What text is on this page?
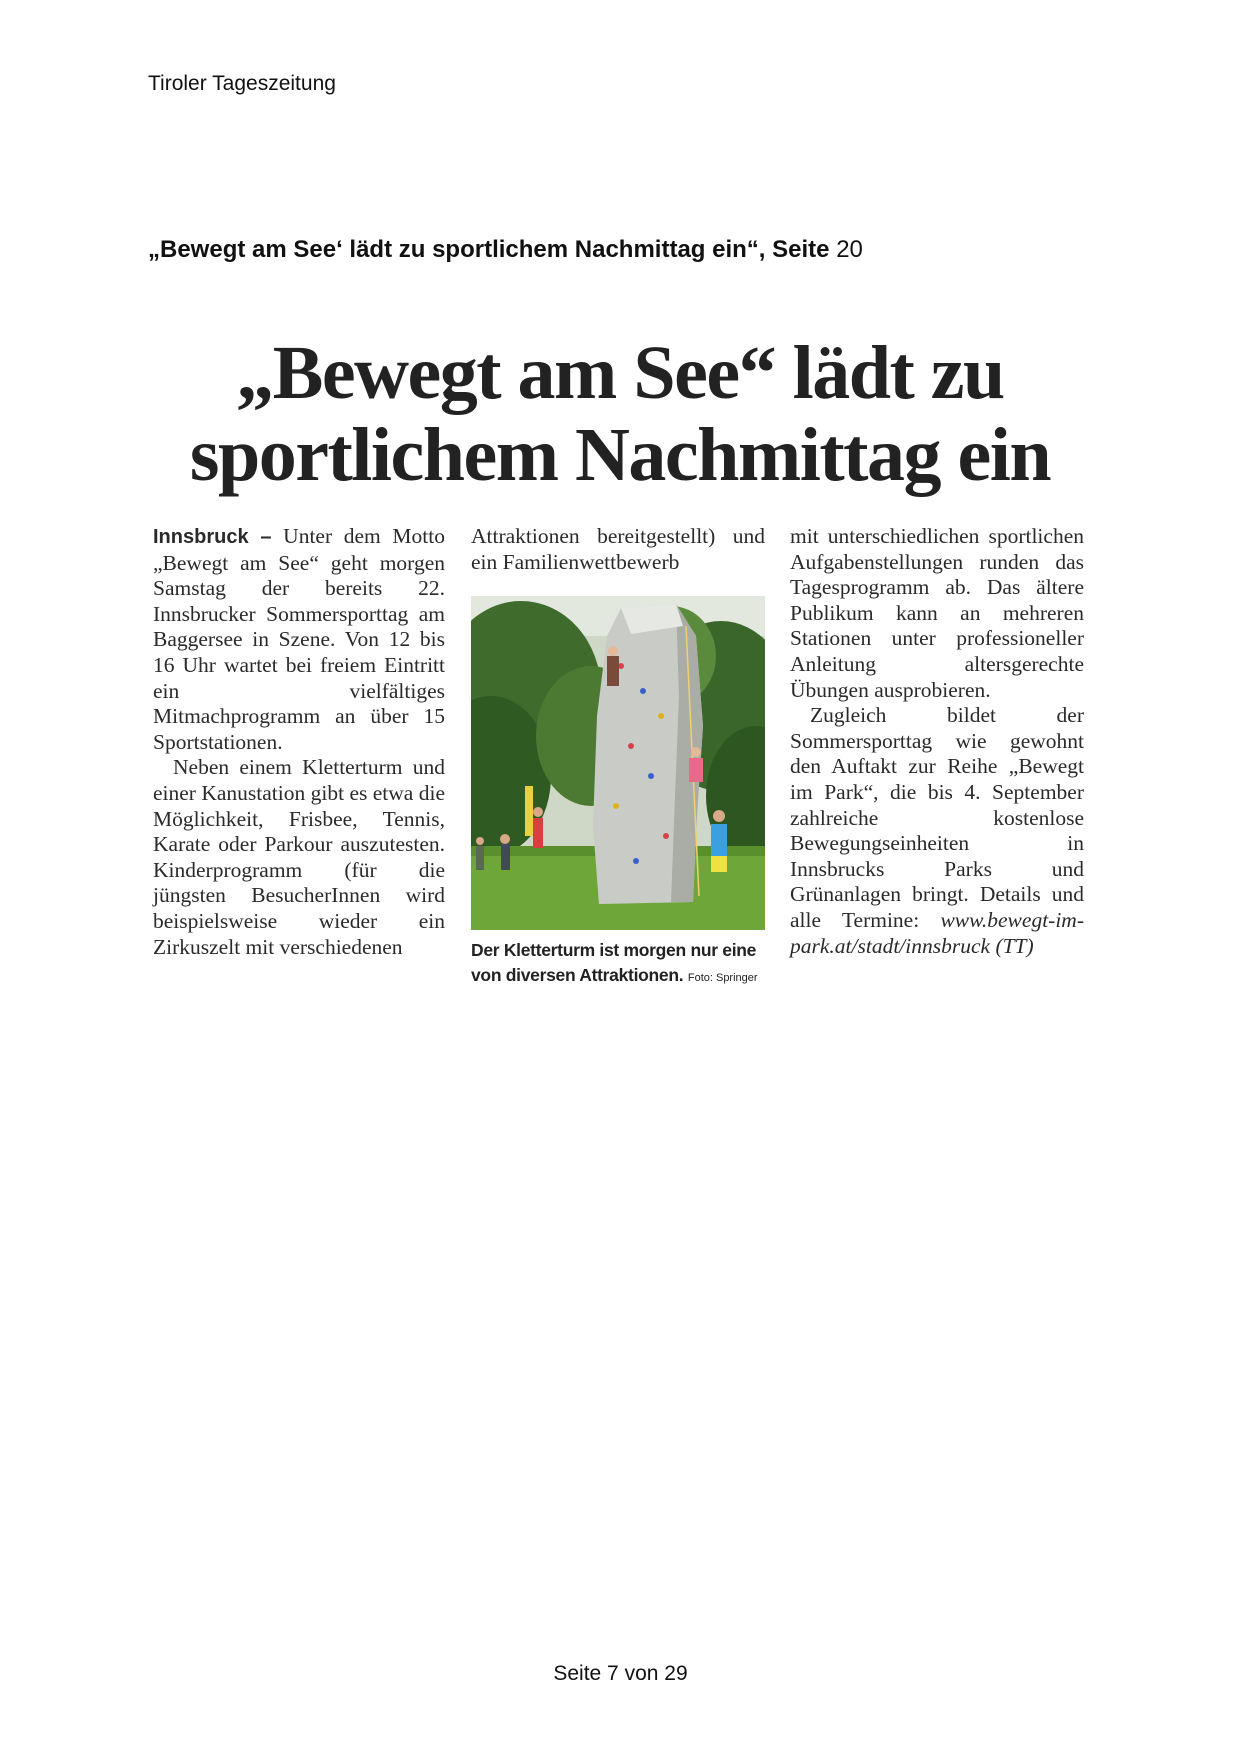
Tiroler Tageszeitung
„Bewegt am See‘ lädt zu sportlichem Nachmittag ein“, Seite 20
„Bewegt am See“ lädt zu
sportlichem Nachmittag ein

Innsbruck – Unter dem Motto „Bewegt am See“ geht morgen Samstag der bereits 22. Innsbrucker Sommersporttag am Baggersee in Szene. Von 12 bis 16 Uhr wartet bei freiem Eintritt ein vielfältiges Mitmachprogramm an über 15 Sportstationen.

Neben einem Kletterturm und einer Kanustation gibt es etwa die Möglichkeit, Frisbee, Tennis, Karate oder Parkour auszutesten. Kinderprogramm (für die jüngsten BesucherInnen wird beispielsweise wieder ein Zirkuszelt mit verschiedenen

Attraktionen bereitgestellt) und ein Familienwettbewerb

Der Kletterturm ist morgen nur eine von diversen Attraktionen. Foto: Springer

mit unterschiedlichen sportlichen Aufgabenstellungen runden das Tagesprogramm ab. Das ältere Publikum kann an mehreren Stationen unter professioneller Anleitung altersgerechte Übungen ausprobieren.

Zugleich bildet der Sommersporttag wie gewohnt den Auftakt zur Reihe „Bewegt im Park“, die bis 4. September zahlreiche kostenlose Bewegungseinheiten in Innsbrucks Parks und Grünanlagen bringt. Details und alle Termine: www.bewegt-im-park.at/stadt/innsbruck (TT)

Seite 7 von 29
